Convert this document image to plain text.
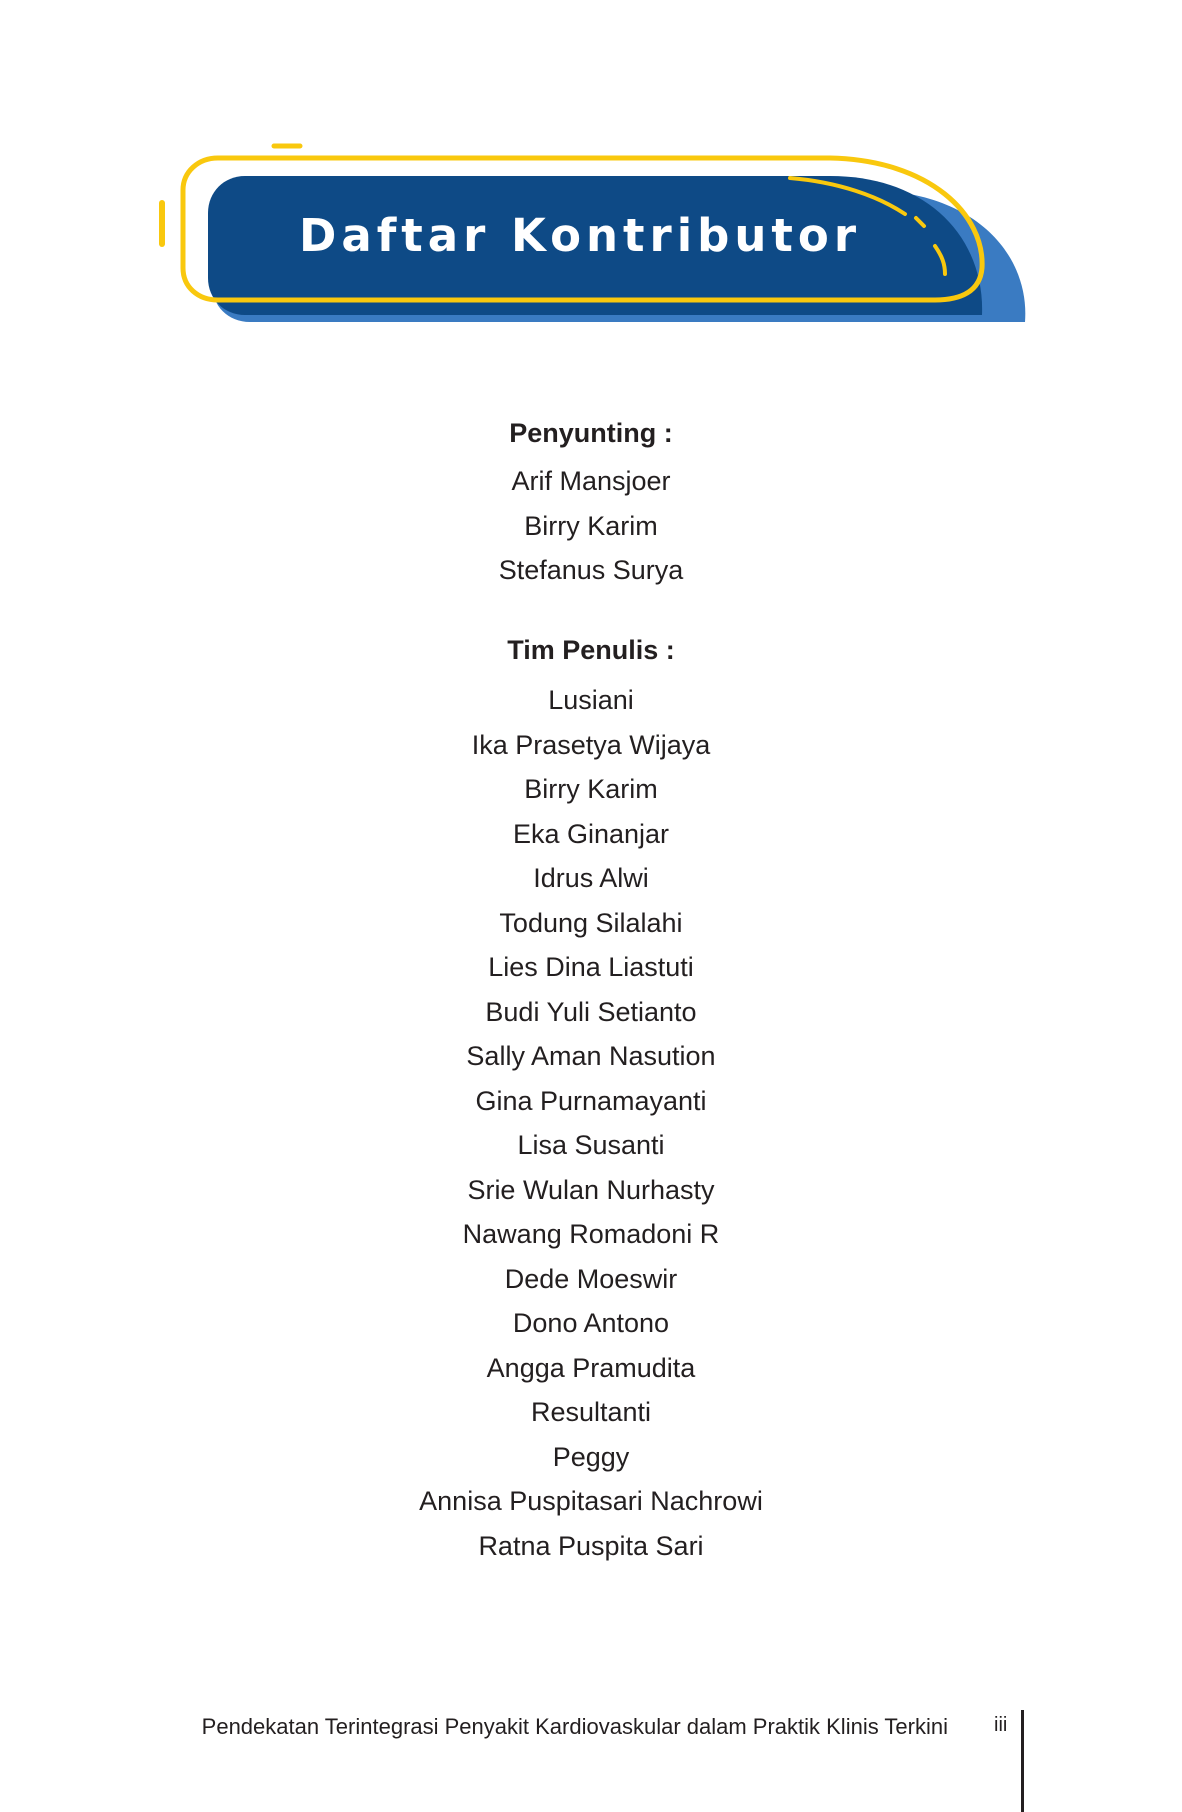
Daftar Kontributor
Penyunting :
Arif Mansjoer
Birry Karim
Stefanus Surya
Tim Penulis :
Lusiani
Ika Prasetya Wijaya
Birry Karim
Eka Ginanjar
Idrus Alwi
Todung Silalahi
Lies Dina Liastuti
Budi Yuli Setianto
Sally Aman Nasution
Gina Purnamayanti
Lisa Susanti
Srie Wulan Nurhasty
Nawang Romadoni R
Dede Moeswir
Dono Antono
Angga Pramudita
Resultanti
Peggy
Annisa Puspitasari Nachrowi
Ratna Puspita Sari
Pendekatan Terintegrasi Penyakit Kardiovaskular dalam Praktik Klinis Terkini iii
